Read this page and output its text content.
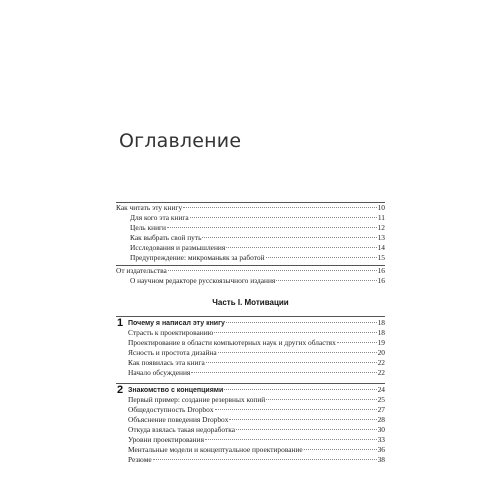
Оглавление
Как читать эту книгу	10
Для кого эта книга	11
Цель книги	12
Как выбрать свой путь	13
Исследования и размышления	14
Предупреждение: микроманьяк за работой	15
От издательства	16
О научном редакторе русскоязычного издания	16
Часть I. Мотивации
1 Почему я написал эту книгу	18
Страсть к проектированию	18
Проектирование в области компьютерных наук и других областях	19
Ясность и простота дизайна	20
Как появилась эта книга	22
Начало обсуждения	22
2 Знакомство с концепциями	24
Первый пример: создание резервных копий	25
Общедоступность Dropbox	27
Объяснение поведения Dropbox	28
Откуда взялась такая недоработка	30
Уровни проектирования	33
Ментальные модели и концептуальное проектирование	36
Резюме	38
